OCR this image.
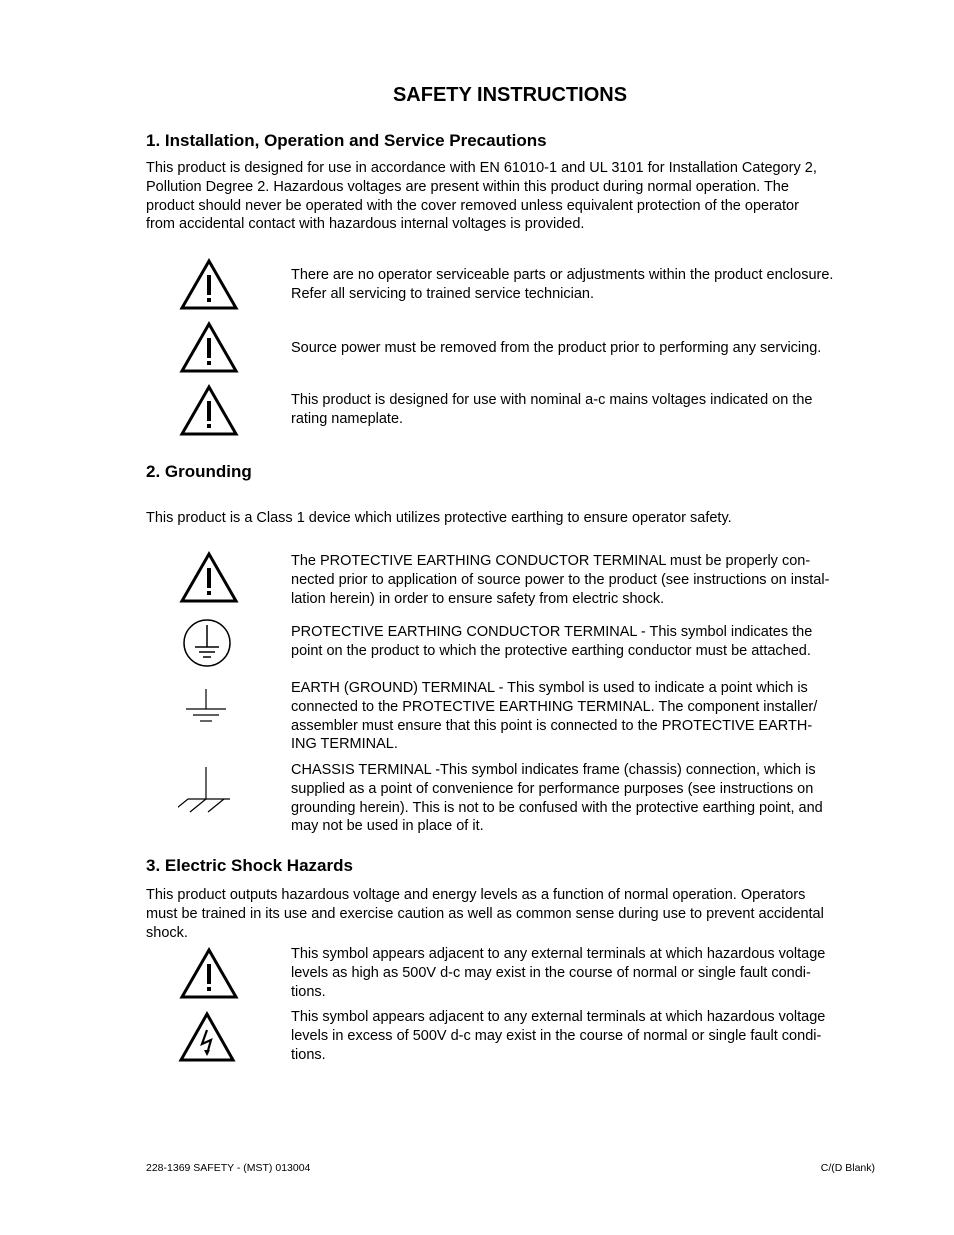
SAFETY INSTRUCTIONS
1. Installation, Operation and Service Precautions
This product is designed for use in accordance with EN 61010-1 and UL 3101 for Installation Category 2,
Pollution Degree 2. Hazardous voltages are present within this product during normal operation. The
product should never be operated with the cover removed unless equivalent protection of the operator
from accidental contact with hazardous internal voltages is provided.
There are no operator serviceable parts or adjustments within the product enclosure.
Refer all servicing to trained service technician.
Source power must be removed from the product prior to performing any servicing.
This product is designed for use with nominal a-c mains voltages indicated on the
rating nameplate.
2. Grounding
This product is a Class 1 device which utilizes protective earthing to ensure operator safety.
The PROTECTIVE EARTHING CONDUCTOR TERMINAL must be properly con-
nected prior to application of source power to the product (see instructions on instal-
lation herein) in order to ensure safety from electric shock.
PROTECTIVE EARTHING CONDUCTOR TERMINAL - This symbol indicates the
point on the product to which the protective earthing conductor must be attached.
EARTH (GROUND) TERMINAL - This symbol is used to indicate a point which is
connected to the PROTECTIVE EARTHING TERMINAL. The component installer/
assembler must ensure that this point is connected to the PROTECTIVE EARTH-
ING TERMINAL.
CHASSIS TERMINAL -This symbol indicates frame (chassis) connection, which is
supplied as a point of convenience for performance purposes (see instructions on
grounding herein). This is not to be confused with the protective earthing point, and
may not be used in place of it.
3. Electric Shock Hazards
This product outputs hazardous voltage and energy levels as a function of normal operation. Operators
must be trained in its use and exercise caution as well as common sense during use to prevent accidental
shock.
This symbol appears adjacent to any external terminals at which hazardous voltage
levels as high as 500V d-c may exist in the course of normal or single fault condi-
tions.
This symbol appears adjacent to any external terminals at which hazardous voltage
levels in excess of 500V d-c may exist in the course of normal or single fault condi-
tions.
228-1369 SAFETY - (MST) 013004	C/(D Blank)
